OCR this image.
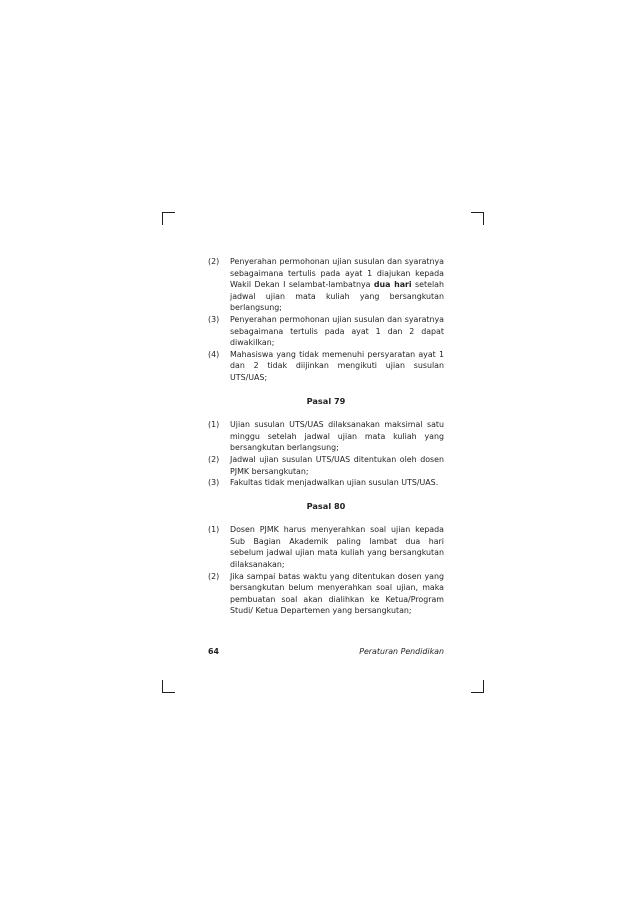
(2)	Penyerahan permohonan ujian susulan dan syaratnya sebagaimana tertulis pada ayat 1 diajukan kepada Wakil Dekan I selambat-lambatnya dua hari setelah jadwal ujian mata kuliah yang bersangkutan berlangsung;
(3)	Penyerahan permohonan ujian susulan dan syaratnya sebagaimana tertulis pada ayat 1 dan 2 dapat diwakilkan;
(4)	Mahasiswa yang tidak memenuhi persyaratan ayat 1 dan 2 tidak diijinkan mengikuti ujian susulan UTS/UAS;
Pasal 79
(1)	Ujian susulan UTS/UAS dilaksanakan maksimal satu minggu setelah jadwal ujian mata kuliah yang bersangkutan berlangsung;
(2)	Jadwal ujian susulan UTS/UAS ditentukan oleh dosen PJMK bersangkutan;
(3)	Fakultas tidak menjadwalkan ujian susulan UTS/UAS.
Pasal 80
(1)	Dosen PJMK harus menyerahkan soal ujian kepada Sub Bagian Akademik paling lambat dua hari sebelum jadwal ujian mata kuliah yang bersangkutan dilaksanakan;
(2)	Jika sampai batas waktu yang ditentukan dosen yang bersangkutan belum menyerahkan soal ujian, maka pembuatan soal akan dialihkan ke Ketua/Program Studi/ Ketua Departemen yang bersangkutan;
64	Peraturan Pendidikan
